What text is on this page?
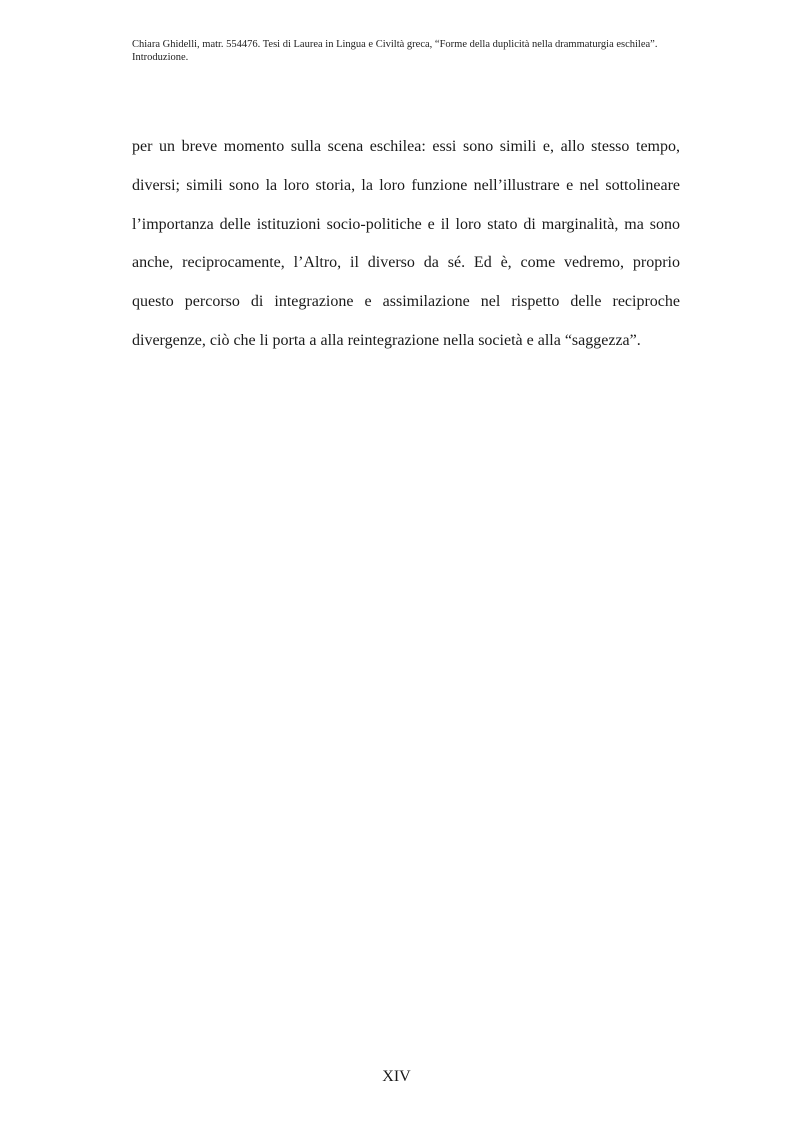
Chiara Ghidelli, matr. 554476. Tesi di Laurea in Lingua e Civiltà greca, “Forme della duplicità nella drammaturgia eschilea”.
Introduzione.
per un breve momento sulla scena eschilea: essi sono simili e, allo stesso tempo,
diversi; simili sono la loro storia, la loro funzione nell’illustrare e nel sottolineare
l’importanza delle istituzioni socio-politiche e il loro stato di marginalità, ma sono
anche, reciprocamente, l’Altro, il diverso da sé. Ed è, come vedremo, proprio
questo percorso di integrazione e assimilazione nel rispetto delle reciproche
divergenze, ciò che li porta a alla reintegrazione nella società e alla “saggezza”.
XIV
